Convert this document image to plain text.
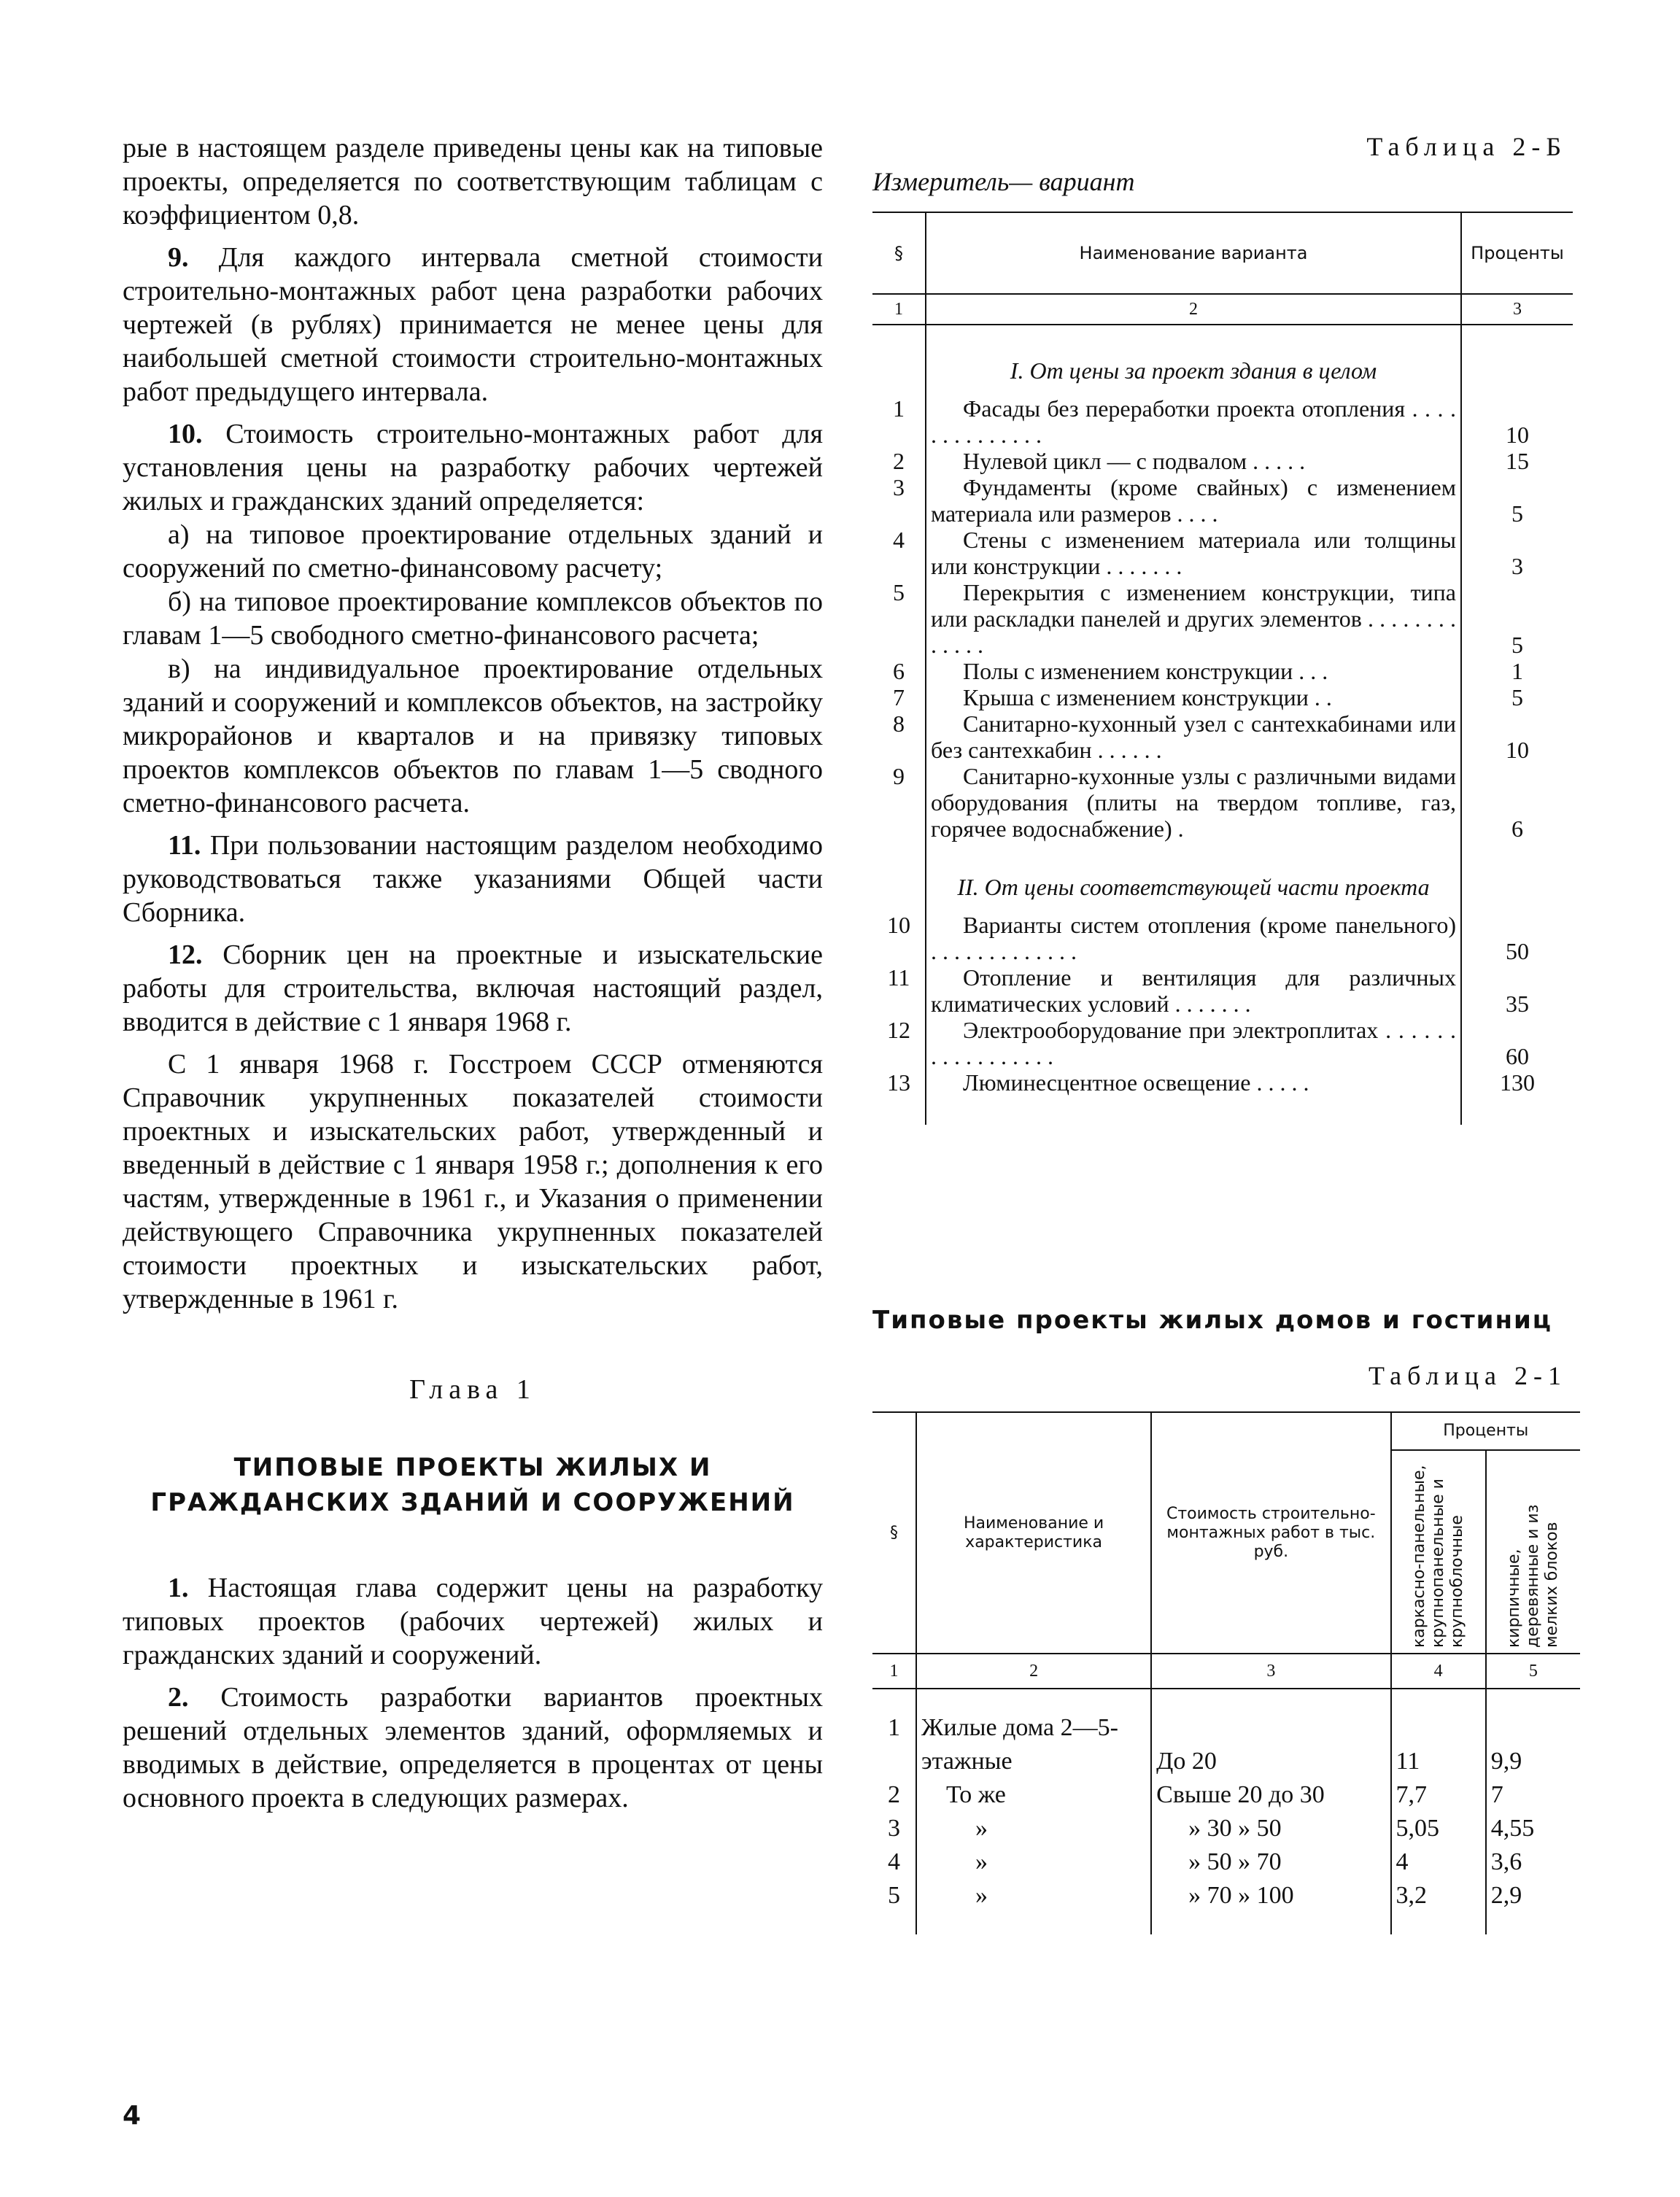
рые в настоящем разделе приведены цены как на типовые проекты, определяется по соответствующим таблицам с коэффициентом 0,8.

9. Для каждого интервала сметной стоимости строительно-монтажных работ цена разработки рабочих чертежей (в рублях) принимается не менее цены для наибольшей сметной стоимости строительно-монтажных работ предыдущего интервала.

10. Стоимость строительно-монтажных работ для установления цены на разработку рабочих чертежей жилых и гражданских зданий определяется:

а) на типовое проектирование отдельных зданий и сооружений по сметно-финансовому расчету;

б) на типовое проектирование комплексов объектов по главам 1—5 свободного сметно-финансового расчета;

в) на индивидуальное проектирование отдельных зданий и сооружений и комплексов объектов, на застройку микрорайонов и кварталов и на привязку типовых проектов комплексов объектов по главам 1—5 сводного сметно-финансового расчета.

11. При пользовании настоящим разделом необходимо руководствоваться также указаниями Общей части Сборника.

12. Сборник цен на проектные и изыскательские работы для строительства, включая настоящий раздел, вводится в действие с 1 января 1968 г.

С 1 января 1968 г. Госстроем СССР отменяются Справочник укрупненных показателей стоимости проектных и изыскательских работ, утвержденный и введенный в действие с 1 января 1958 г.; дополнения к его частям, утвержденные в 1961 г., и Указания о применении действующего Справочника укрупненных показателей стоимости проектных и изыскательских работ, утвержденные в 1961 г.

Глава 1

ТИПОВЫЕ ПРОЕКТЫ ЖИЛЫХ И ГРАЖДАНСКИХ ЗДАНИЙ И СООРУЖЕНИЙ

1. Настоящая глава содержит цены на разработку типовых проектов (рабочих чертежей) жилых и гражданских зданий и сооружений.

2. Стоимость разработки вариантов проектных решений отдельных элементов зданий, оформляемых и вводимых в действие, определяется в процентах от цены основного проекта в следующих размерах.

4
Таблица 2-Б
Измеритель— вариант
§	Наименование варианта	Проценты
1	2	3
	I. От цены за проект здания в целом	
1	Фасады без переработки проекта отопления . . . . . . . . . . . . . .	10
2	Нулевой цикл — с подвалом . . . . .	15
3	Фундаменты (кроме свайных) с изменением материала или размеров . . . .	5
4	Стены с изменением материала или толщины или конструкции . . . . . . .	3
5	Перекрытия с изменением конструкции, типа или раскладки панелей и других элементов . . . . . . . . . . . . .	5
6	Полы с изменением конструкции . . .	1
7	Крыша с изменением конструкции . .	5
8	Санитарно-кухонный узел с сантехкабинами или без сантехкабин . . . . . .	10
9	Санитарно-кухонные узлы с различными видами оборудования (плиты на твердом топливе, газ, горячее водоснабжение) .	6
	II. От цены соответствующей части проекта	
10	Варианты систем отопления (кроме панельного) . . . . . . . . . . . . .	50
11	Отопление и вентиляция для различных климатических условий . . . . . . .	35
12	Электрооборудование при электроплитах . . . . . . . . . . . . . . . . .	60
13	Люминесцентное освещение . . . . .	130

Типовые проекты жилых домов и гостиниц
Таблица 2-1
§	Наименование и характеристика	Стоимость строительно-монтажных работ в тыс. руб.	Проценты	
			каркасно-панельные, крупнопанельные и крупноблочные	кирпичные, деревянные и из мелких блоков
1	2	3	4	5
1	Жилые дома 2—5-этажные	До 20	11	9,9
2	То же	Свыше 20 до 30	7,7	7
3	»	» 30 » 50	5,05	4,55
4	»	» 50 » 70	4	3,6
5	»	» 70 » 100	3,2	2,9
